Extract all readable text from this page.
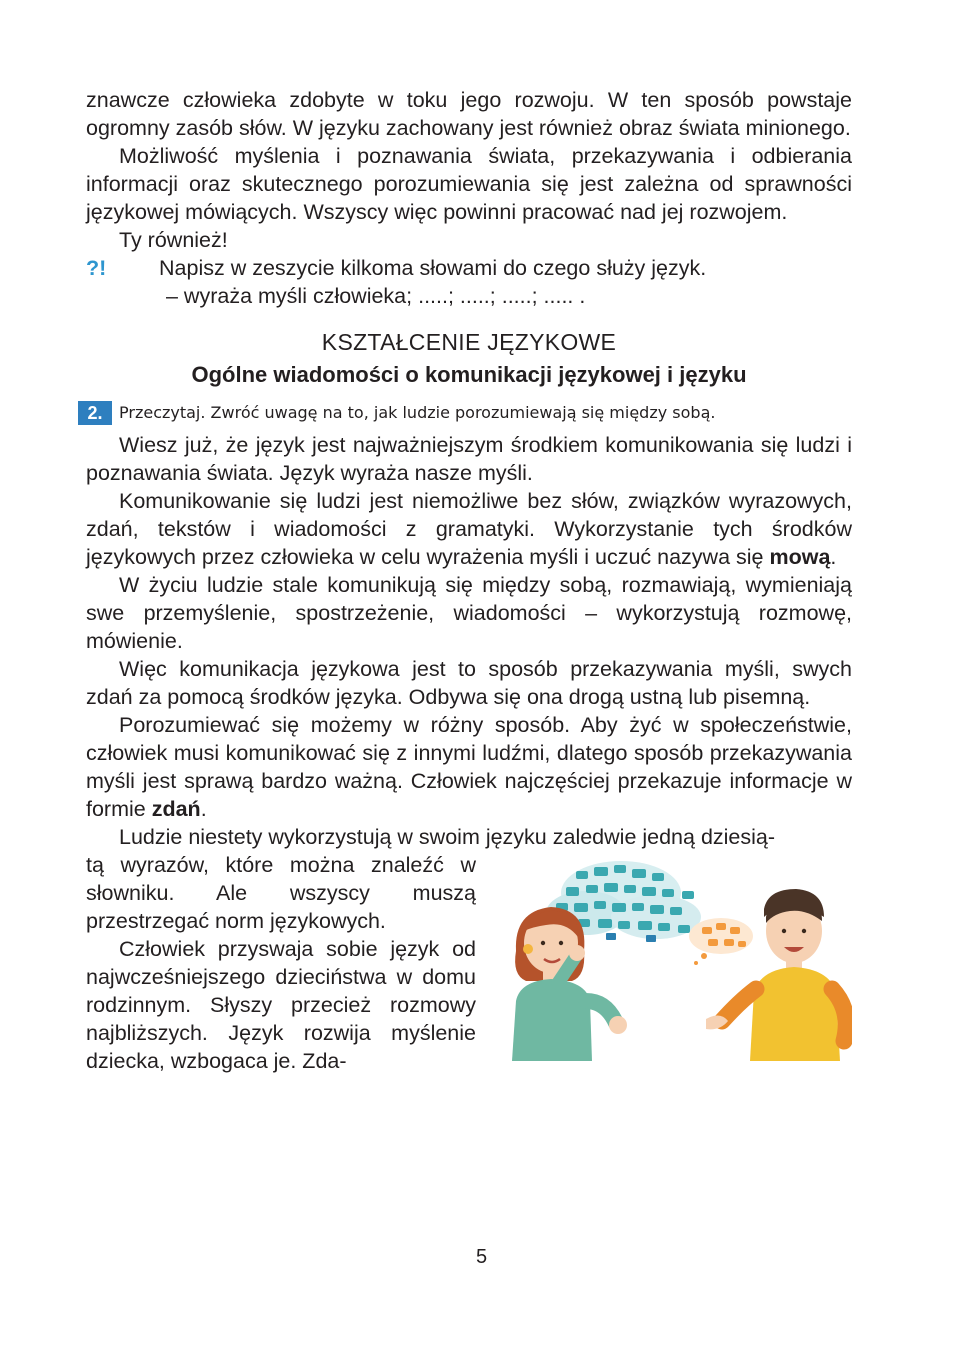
znawcze człowieka zdobyte w toku jego rozwoju. W ten sposób powstaje ogromny zasób słów. W języku zachowany jest również obraz świata minionego.

Możliwość myślenia i poznawania świata, przekazywania i odbierania informacji oraz skutecznego porozumiewania się jest zależna od sprawności językowej mówiących. Wszyscy więc powinni pracować nad jej rozwojem.

Ty również!

?! Napisz w zeszycie kilkoma słowami do czego służy język.

– wyraża myśli człowieka; .....; .....; .....; ..... .

KSZTAŁCENIE JĘZYKOWE
Ogólne wiadomości o komunikacji językowej i języku
2.	Przeczytaj. Zwróć uwagę na to, jak ludzie porozumiewają się między sobą.

Wiesz już, że język jest najważniejszym środkiem komunikowania się ludzi i poznawania świata. Język wyraża nasze myśli.

Komunikowanie się ludzi jest niemożliwe bez słów, związków wyrazowych, zdań, tekstów i wiadomości z gramatyki. Wykorzystanie tych środków językowych przez człowieka w celu wyrażenia myśli i uczuć nazywa się mową.

W życiu ludzie stale komunikują się między sobą, rozmawiają, wymieniają swe przemyślenie, spostrzeżenie, wiadomości – wykorzystują rozmowę, mówienie.

Więc komunikacja językowa jest to sposób przekazywania myśli, swych zdań za pomocą środków języka. Odbywa się ona drogą ustną lub pisemną.

Porozumiewać się możemy w różny sposób. Aby żyć w społeczeństwie, człowiek musi komunikować się z innymi ludźmi, dlatego sposób przekazywania myśli jest sprawą bardzo ważną. Człowiek najczęściej przekazuje informacje w formie zdań.

Ludzie niestety wykorzystują w swoim języku zaledwie jedną dziesią-

tą wyrazów, które można znaleźć w słowniku. Ale wszyscy muszą przestrzegać norm językowych.

Człowiek przyswaja sobie język od najwcześniejszego dzieciństwa w domu rodzinnym. Słyszy przecież rozmowy najbliższych. Język rozwija myślenie dziecka, wzbogaca je. Zda-

5
